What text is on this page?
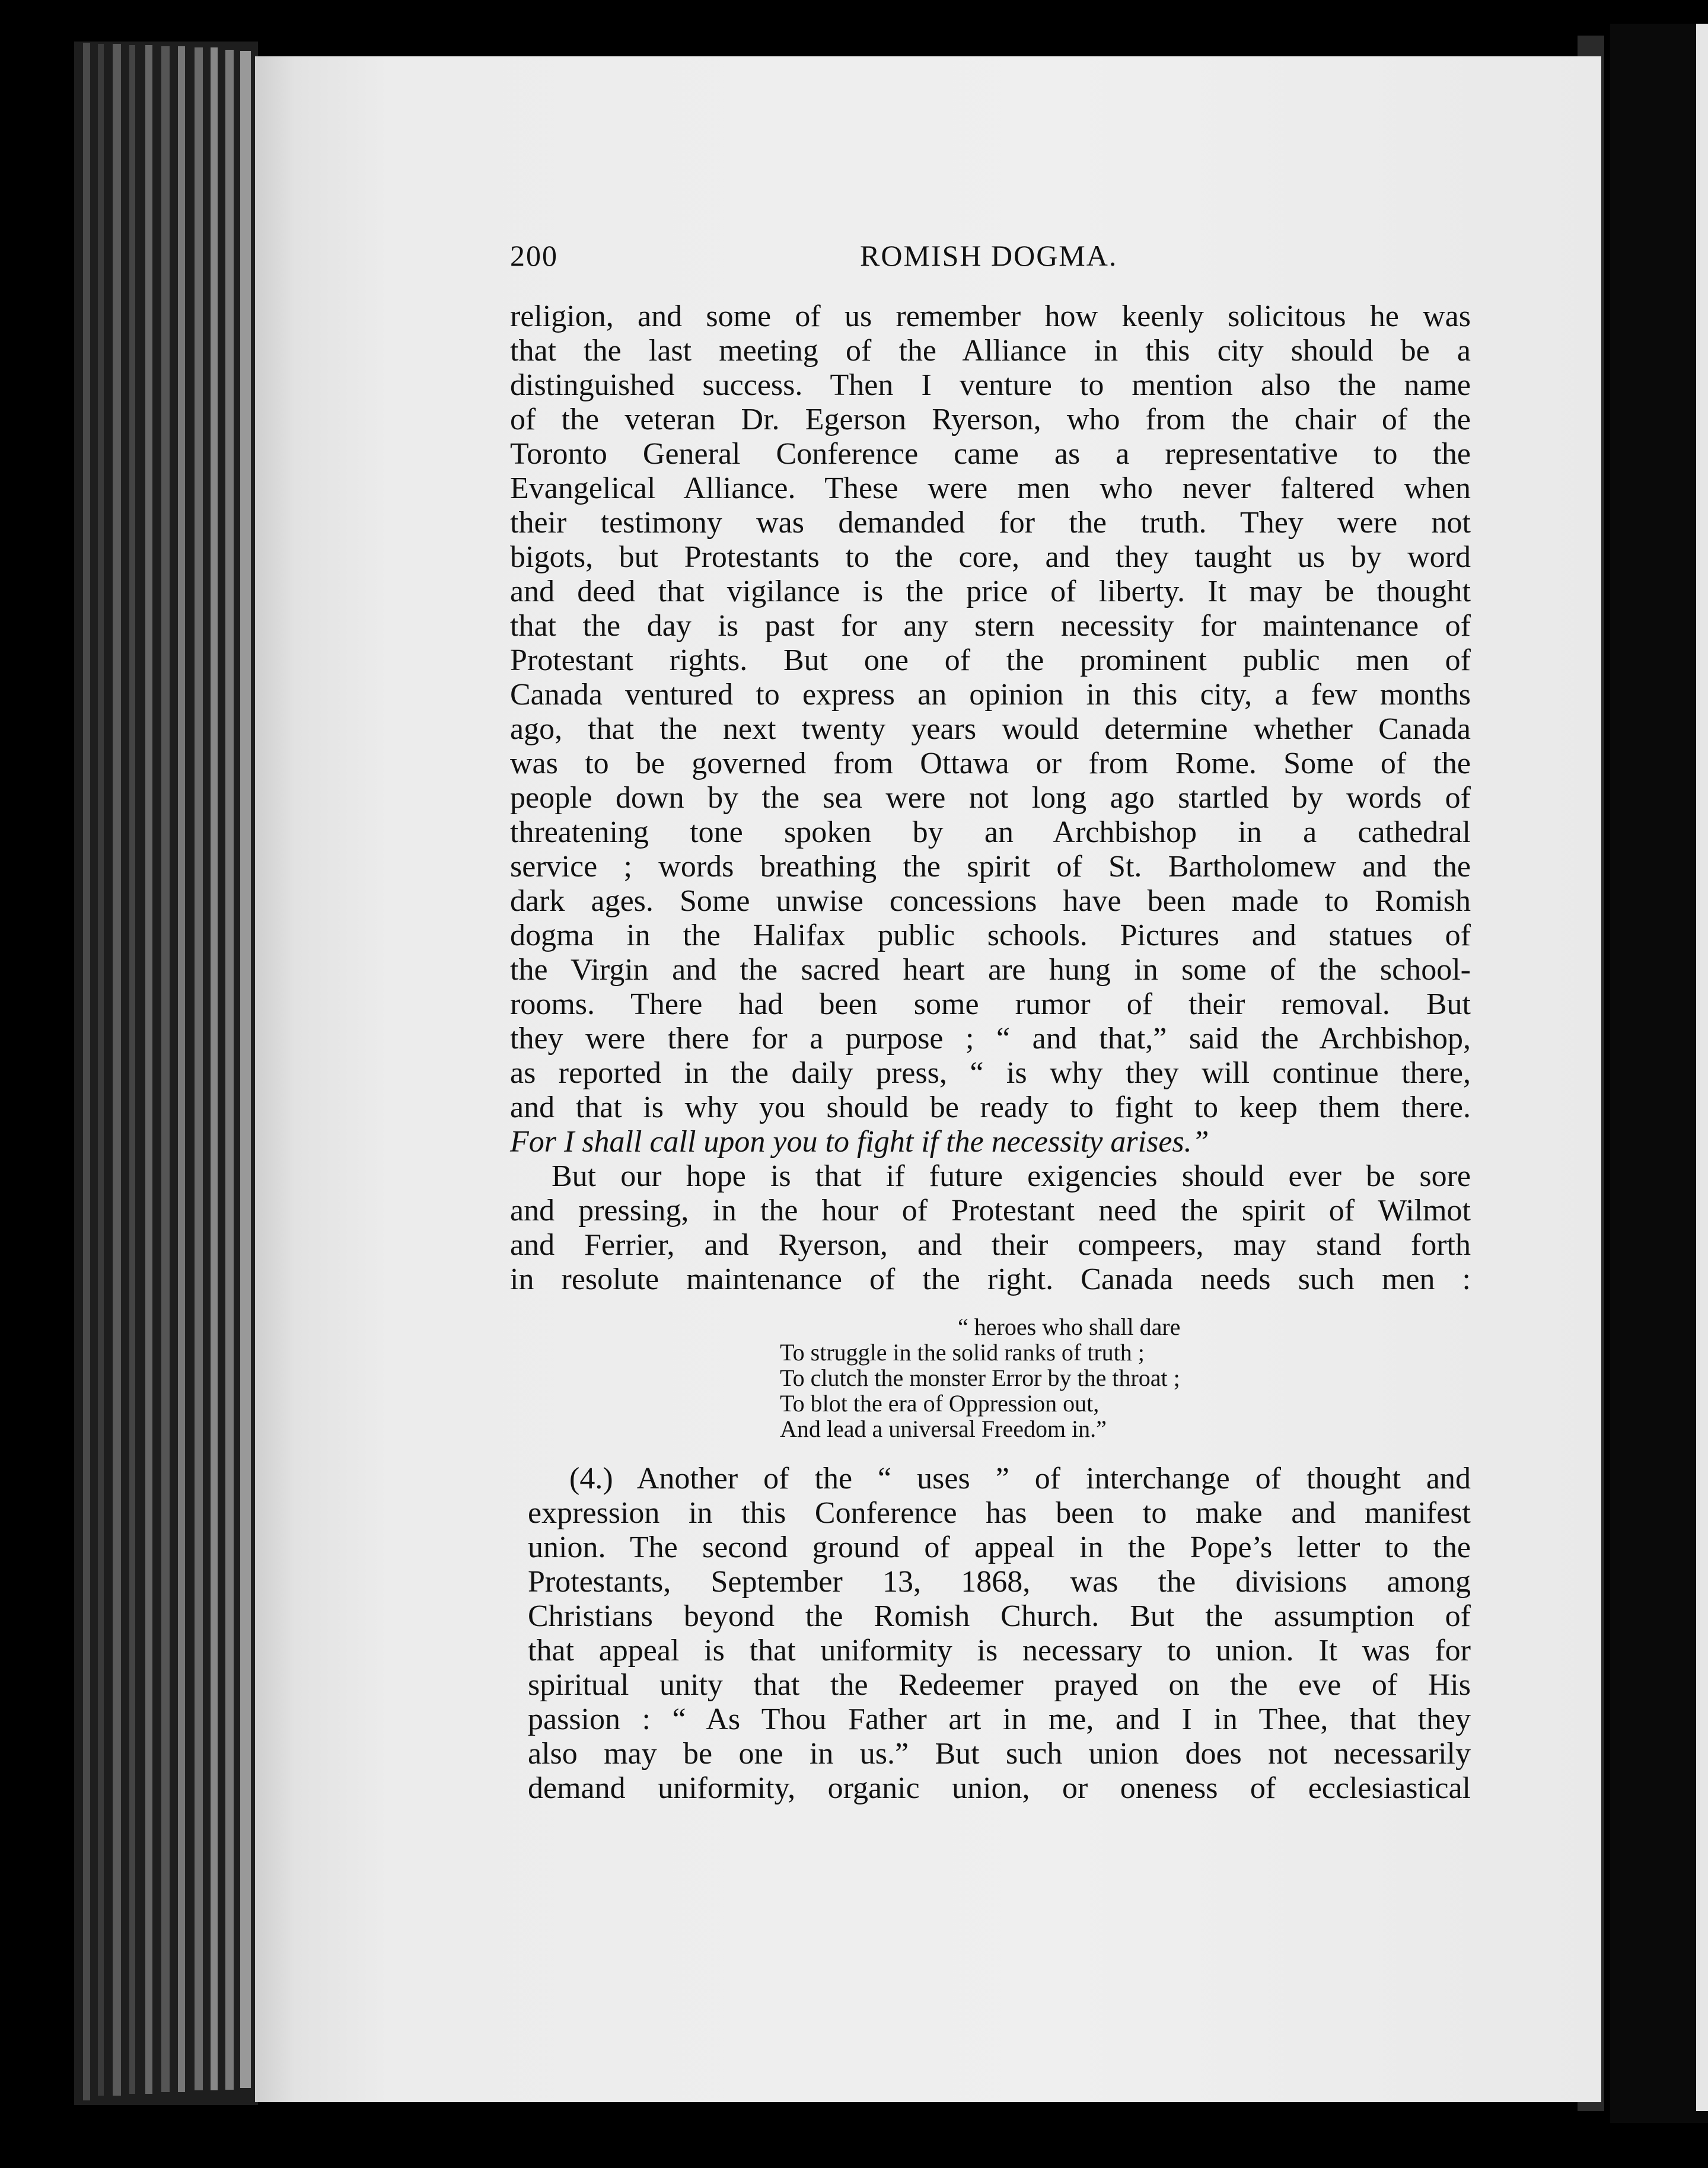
200	ROMISH DOGMA.
religion, and some of us remember how keenly solicitous he was
that the last meeting of the Alliance in this city should be a
distinguished success. Then I venture to mention also the name
of the veteran Dr. Egerson Ryerson, who from the chair of the
Toronto General Conference came as a representative to the
Evangelical Alliance. These were men who never faltered when
their testimony was demanded for the truth. They were not
bigots, but Protestants to the core, and they taught us by word
and deed that vigilance is the price of liberty. It may be thought
that the day is past for any stern necessity for maintenance of
Protestant rights. But one of the prominent public men of
Canada ventured to express an opinion in this city, a few months
ago, that the next twenty years would determine whether Canada
was to be governed from Ottawa or from Rome. Some of the
people down by the sea were not long ago startled by words of
threatening tone spoken by an Archbishop in a cathedral
service ; words breathing the spirit of St. Bartholomew and the
dark ages. Some unwise concessions have been made to Romish
dogma in the Halifax public schools. Pictures and statues of
the Virgin and the sacred heart are hung in some of the school-
rooms. There had been some rumor of their removal. But
they were there for a purpose ; “ and that,” said the Archbishop,
as reported in the daily press, “ is why they will continue there,
and that is why you should be ready to fight to keep them there.
For I shall call upon you to fight if the necessity arises.”
But our hope is that if future exigencies should ever be sore
and pressing, in the hour of Protestant need the spirit of Wilmot
and Ferrier, and Ryerson, and their compeers, may stand forth
in resolute maintenance of the right. Canada needs such men :
“ heroes who shall dare
To struggle in the solid ranks of truth ;
To clutch the monster Error by the throat ;
To blot the era of Oppression out,
And lead a universal Freedom in.”
(4.) Another of the “ uses ” of interchange of thought and
expression in this Conference has been to make and manifest
union. The second ground of appeal in the Pope’s letter to the
Protestants, September 13, 1868, was the divisions among
Christians beyond the Romish Church. But the assumption of
that appeal is that uniformity is necessary to union. It was for
spiritual unity that the Redeemer prayed on the eve of His
passion : “ As Thou Father art in me, and I in Thee, that they
also may be one in us.” But such union does not necessarily
demand uniformity, organic union, or oneness of ecclesiastical
